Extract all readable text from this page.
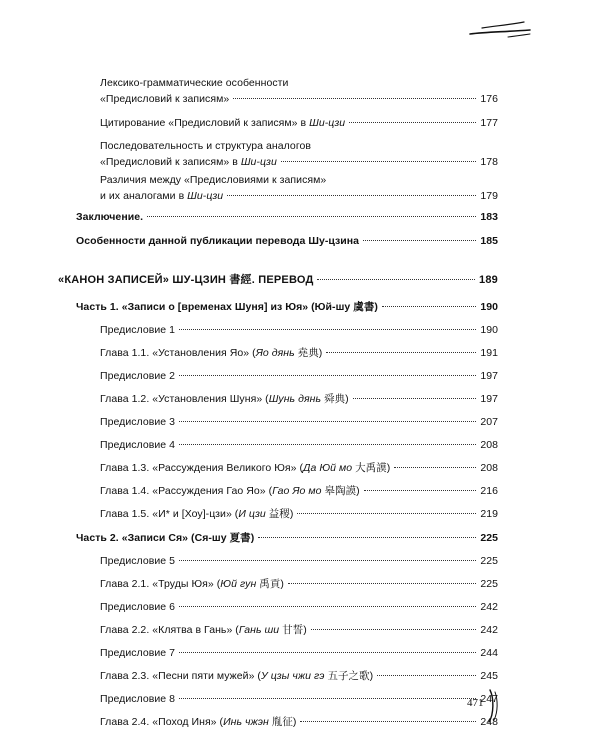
Лексико-грамматические особенности
«Предисловий к записям»	176
Цитирование «Предисловий к записям» в Ши-цзи	177
Последовательность и структура аналогов
«Предисловий к записям» в Ши-цзи	178
Различия между «Предисловиями к записям»
и их аналогами в Ши-цзи	179
Заключение.	183
Особенности данной публикации перевода Шу-цзина	185
«КАНОН ЗАПИСЕЙ» ШУ-ЦЗИН 書經. ПЕРЕВОД	189
Часть 1. «Записи о [временах Шуня] из Юя» (Юй-шу 虞書)	190
Предисловие 1	190
Глава 1.1. «Установления Яо» (Яо дянь 堯典)	191
Предисловие 2	197
Глава 1.2. «Установления Шуня» (Шунь дянь 舜典)	197
Предисловие 3	207
Предисловие 4	208
Глава 1.3. «Рассуждения Великого Юя» (Да Юй мо 大禹謨)	208
Глава 1.4. «Рассуждения Гао Яо» (Гао Яо мо 皋陶謨)	216
Глава 1.5. «И* и [Хоу]-цзи» (И цзи 益稷)	219
Часть 2. «Записи Ся» (Ся-шу 夏書)	225
Предисловие 5	225
Глава 2.1. «Труды Юя» (Юй гун 禹貢)	225
Предисловие 6	242
Глава 2.2. «Клятва в Гань» (Гань ши 甘誓)	242
Предисловие 7	244
Глава 2.3. «Песни пяти мужей» (У цзы чжи гэ 五子之歌)	245
Предисловие 8	247
Глава 2.4. «Поход Иня» (Инь чжэн 胤征)	248
471
